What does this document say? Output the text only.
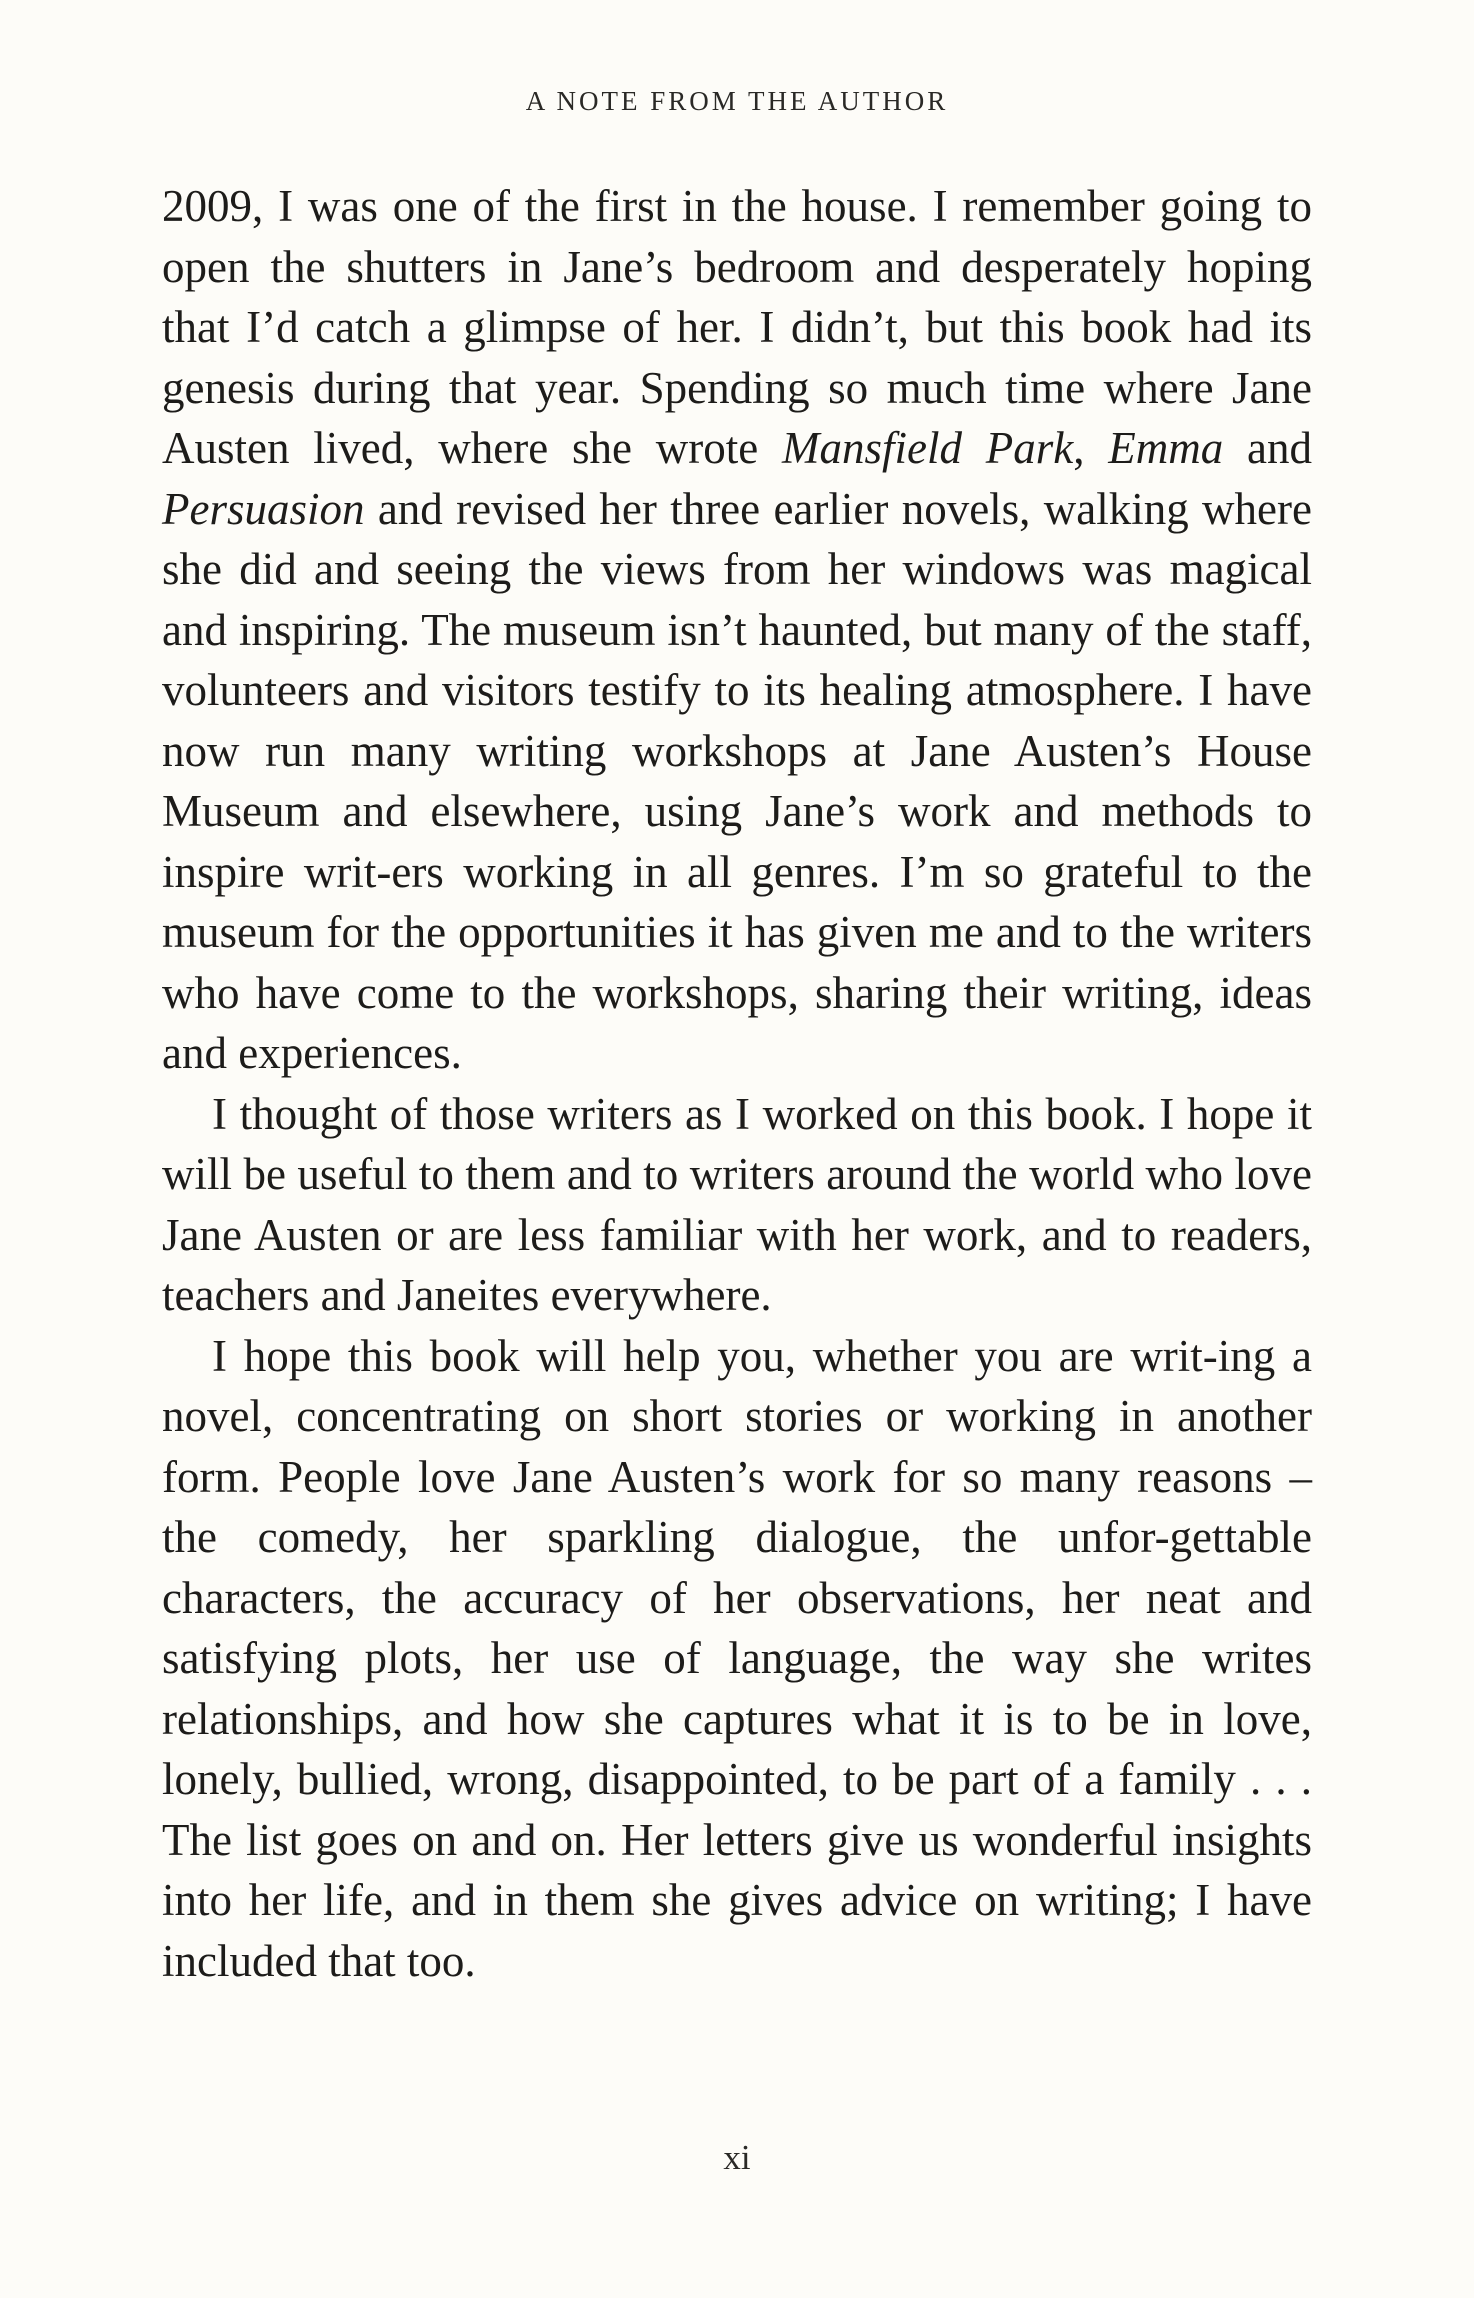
A NOTE FROM THE AUTHOR

2009, I was one of the first in the house. I remember going to open the shutters in Jane’s bedroom and desperately hoping that I’d catch a glimpse of her. I didn’t, but this book had its genesis during that year. Spending so much time where Jane Austen lived, where she wrote Mansfield Park, Emma and Persuasion and revised her three earlier novels, walking where she did and seeing the views from her windows was magical and inspiring. The museum isn’t haunted, but many of the staff, volunteers and visitors testify to its healing atmosphere. I have now run many writing workshops at Jane Austen’s House Museum and elsewhere, using Jane’s work and methods to inspire writ-ers working in all genres. I’m so grateful to the museum for the opportunities it has given me and to the writers who have come to the workshops, sharing their writing, ideas and experiences.

I thought of those writers as I worked on this book. I hope it will be useful to them and to writers around the world who love Jane Austen or are less familiar with her work, and to readers, teachers and Janeites everywhere.

I hope this book will help you, whether you are writ-ing a novel, concentrating on short stories or working in another form. People love Jane Austen’s work for so many reasons – the comedy, her sparkling dialogue, the unfor-gettable characters, the accuracy of her observations, her neat and satisfying plots, her use of language, the way she writes relationships, and how she captures what it is to be in love, lonely, bullied, wrong, disappointed, to be part of a family . . . The list goes on and on. Her letters give us wonderful insights into her life, and in them she gives advice on writing; I have included that too.

xi
